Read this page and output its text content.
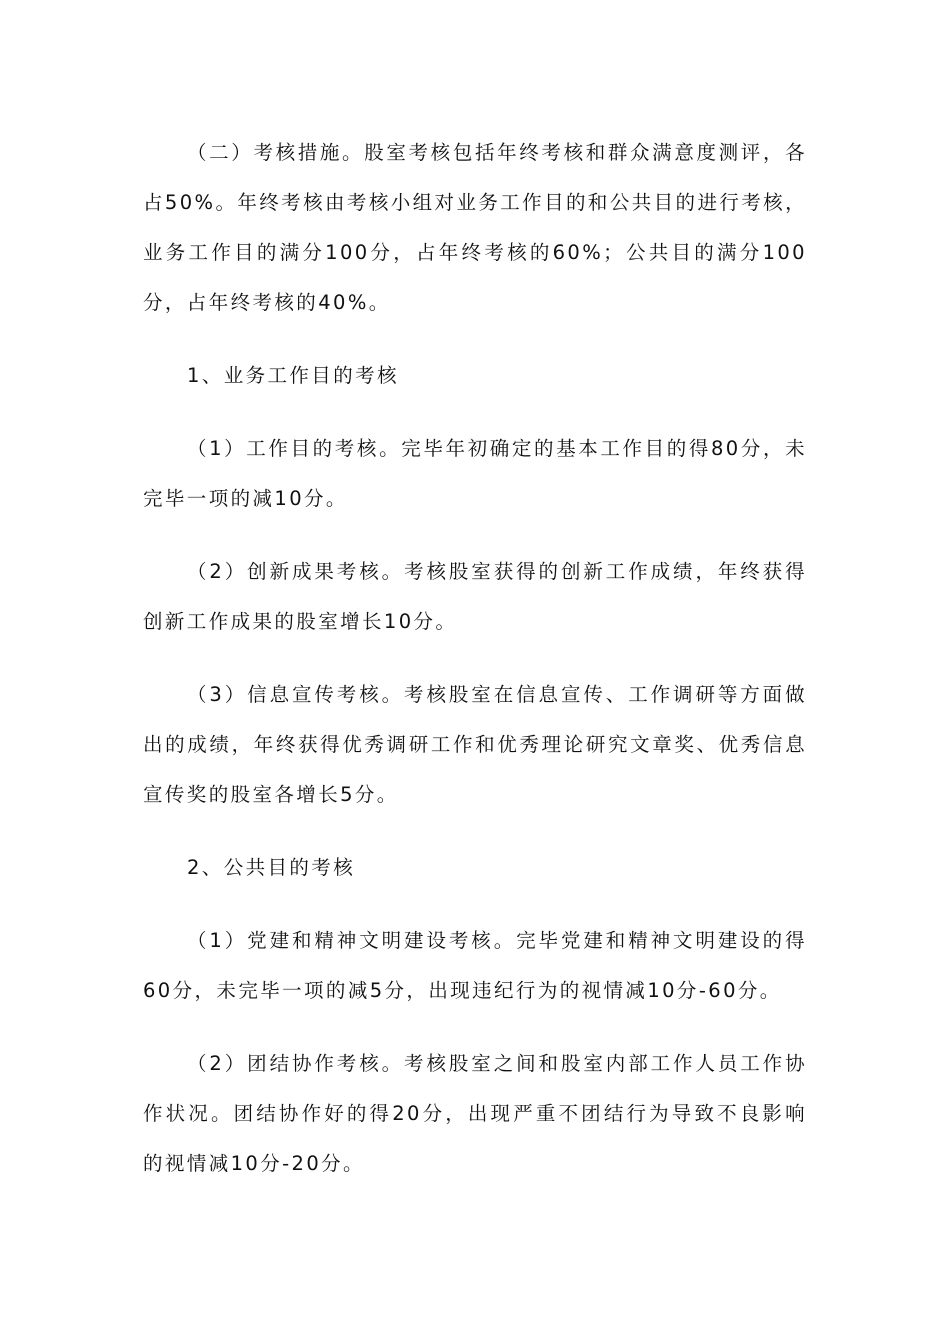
（二）考核措施。股室考核包括年终考核和群众满意度测评，各占50%。年终考核由考核小组对业务工作目的和公共目的进行考核，业务工作目的满分100分，占年终考核的60%；公共目的满分100分，占年终考核的40%。

1、业务工作目的考核

（1）工作目的考核。完毕年初确定的基本工作目的得80分，未完毕一项的减10分。

（2）创新成果考核。考核股室获得的创新工作成绩，年终获得创新工作成果的股室增长10分。

（3）信息宣传考核。考核股室在信息宣传、工作调研等方面做出的成绩，年终获得优秀调研工作和优秀理论研究文章奖、优秀信息宣传奖的股室各增长5分。

2、公共目的考核

（1）党建和精神文明建设考核。完毕党建和精神文明建设的得60分，未完毕一项的减5分，出现违纪行为的视情减10分-60分。

（2）团结协作考核。考核股室之间和股室内部工作人员工作协作状况。团结协作好的得20分，出现严重不团结行为导致不良影响的视情减10分-20分。
